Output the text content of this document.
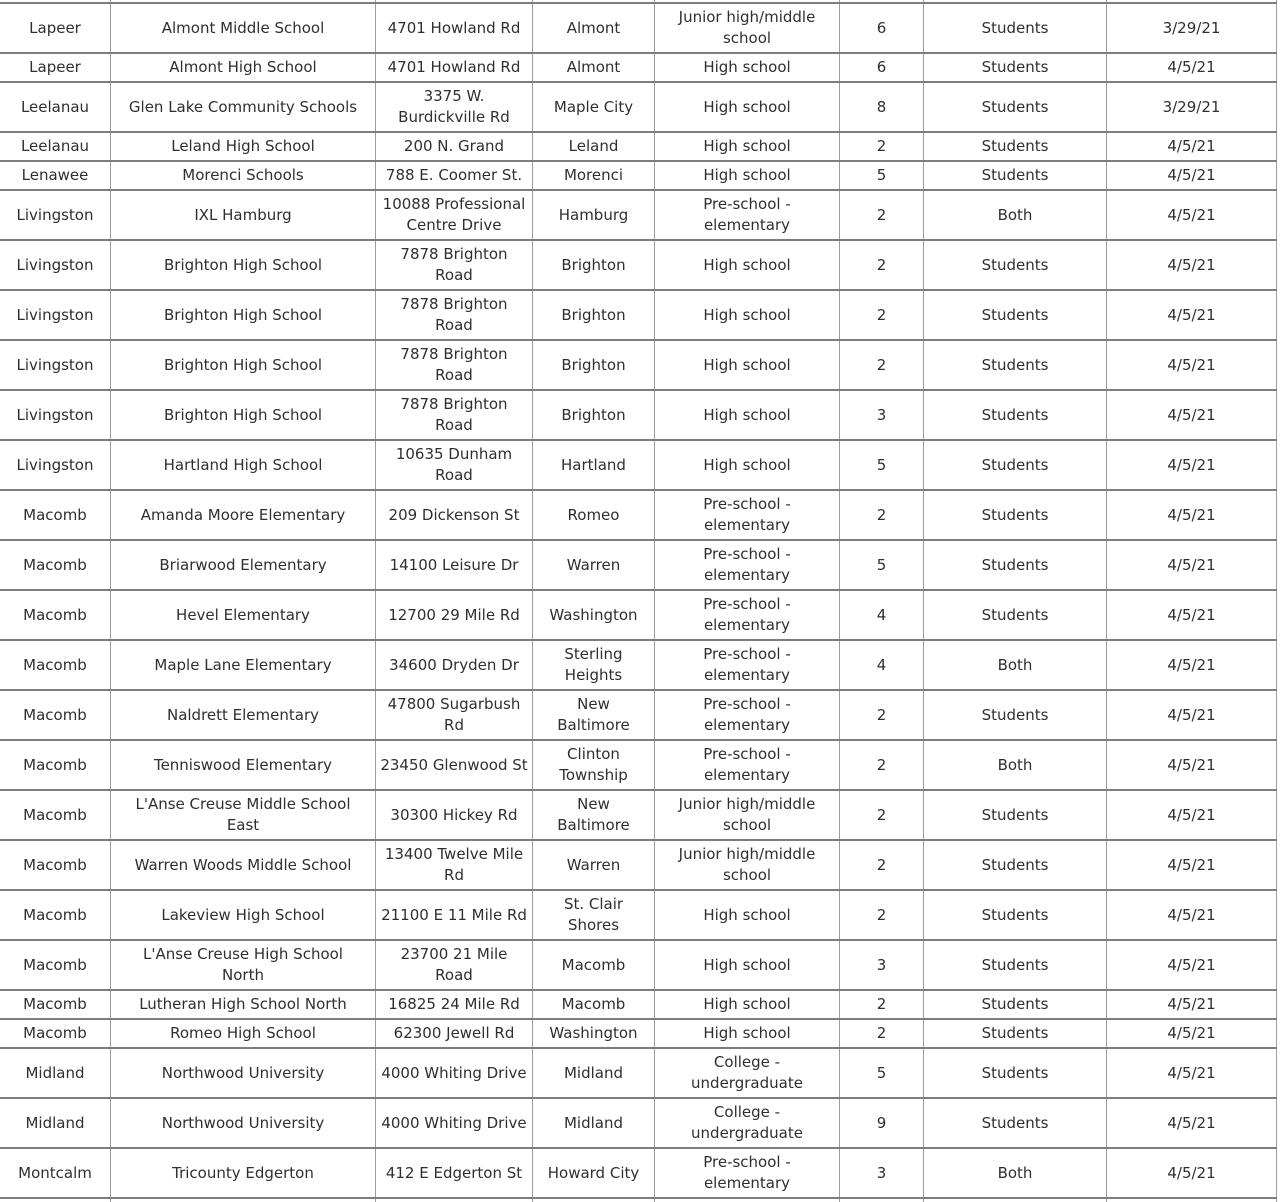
Lapeer	Almont Middle School	4701 Howland Rd	Almont	Junior high/middle school	6	Students	3/29/21
Lapeer	Almont High School	4701 Howland Rd	Almont	High school	6	Students	4/5/21
Leelanau	Glen Lake Community Schools	3375 W. Burdickville Rd	Maple City	High school	8	Students	3/29/21
Leelanau	Leland High School	200 N. Grand	Leland	High school	2	Students	4/5/21
Lenawee	Morenci Schools	788 E. Coomer St.	Morenci	High school	5	Students	4/5/21
Livingston	IXL Hamburg	10088 Professional Centre Drive	Hamburg	Pre-school - elementary	2	Both	4/5/21
Livingston	Brighton High School	7878 Brighton Road	Brighton	High school	2	Students	4/5/21
Livingston	Brighton High School	7878 Brighton Road	Brighton	High school	2	Students	4/5/21
Livingston	Brighton High School	7878 Brighton Road	Brighton	High school	2	Students	4/5/21
Livingston	Brighton High School	7878 Brighton Road	Brighton	High school	3	Students	4/5/21
Livingston	Hartland High School	10635 Dunham Road	Hartland	High school	5	Students	4/5/21
Macomb	Amanda Moore Elementary	209 Dickenson St	Romeo	Pre-school - elementary	2	Students	4/5/21
Macomb	Briarwood Elementary	14100 Leisure Dr	Warren	Pre-school - elementary	5	Students	4/5/21
Macomb	Hevel Elementary	12700 29 Mile Rd	Washington	Pre-school - elementary	4	Students	4/5/21
Macomb	Maple Lane Elementary	34600 Dryden Dr	Sterling Heights	Pre-school - elementary	4	Both	4/5/21
Macomb	Naldrett Elementary	47800 Sugarbush Rd	New Baltimore	Pre-school - elementary	2	Students	4/5/21
Macomb	Tenniswood Elementary	23450 Glenwood St	Clinton Township	Pre-school - elementary	2	Both	4/5/21
Macomb	L'Anse Creuse Middle School East	30300 Hickey Rd	New Baltimore	Junior high/middle school	2	Students	4/5/21
Macomb	Warren Woods Middle School	13400 Twelve Mile Rd	Warren	Junior high/middle school	2	Students	4/5/21
Macomb	Lakeview High School	21100 E 11 Mile Rd	St. Clair Shores	High school	2	Students	4/5/21
Macomb	L'Anse Creuse High School North	23700 21 Mile Road	Macomb	High school	3	Students	4/5/21
Macomb	Lutheran High School North	16825 24 Mile Rd	Macomb	High school	2	Students	4/5/21
Macomb	Romeo High School	62300 Jewell Rd	Washington	High school	2	Students	4/5/21
Midland	Northwood University	4000 Whiting Drive	Midland	College - undergraduate	5	Students	4/5/21
Midland	Northwood University	4000 Whiting Drive	Midland	College - undergraduate	9	Students	4/5/21
Montcalm	Tricounty Edgerton	412 E Edgerton St	Howard City	Pre-school - elementary	3	Both	4/5/21
